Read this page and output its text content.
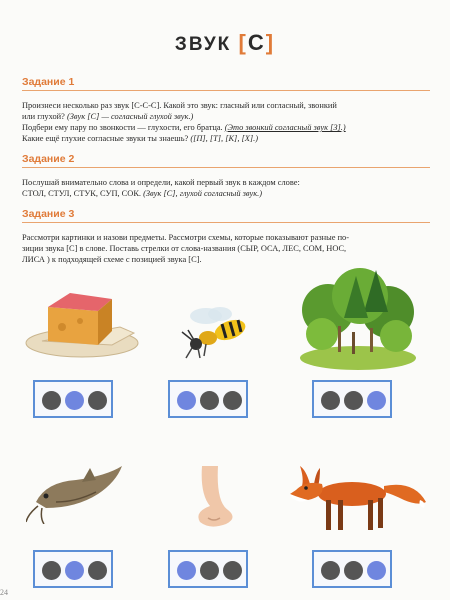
ЗВУК [С]
Задание 1
Произнеси несколько раз звук [С-С-С]. Какой это звук: гласный или согласный, звонкий
или глухой? (Звук [С] — согласный глухой звук.)
Подбери ему пару по звонкости — глухости, его братца. (Это звонкий согласный звук [З].)
Какие ещё глухие согласные звуки ты знаешь? ([П], [Т], [К], [Х].)
Задание 2
Послушай внимательно слова и определи, какой первый звук в каждом слове:
СТОЛ, СТУЛ, СТУК, СУП, СОК. (Звук [С], глухой согласный звук.)
Задание 3
Рассмотри картинки и назови предметы. Рассмотри схемы, которые показывают разные по-
зиции звука [С] в слове. Поставь стрелки от слова-названия (СЫР, ОСА, ЛЕС, СОМ, НОС,
ЛИСА ) к подходящей схеме с позицией звука [С].
24
